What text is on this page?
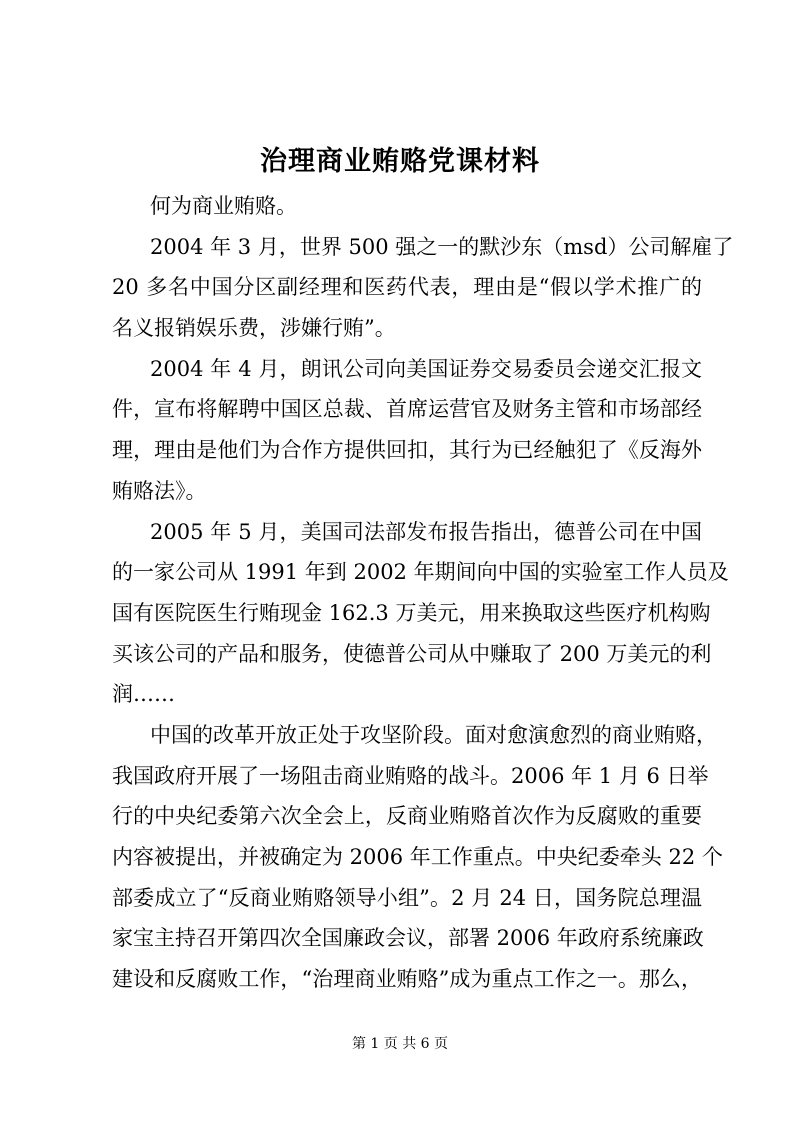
治理商业贿赂党课材料
何为商业贿赂。
2004 年 3 月，世界 500 强之一的默沙东（msd）公司解雇了
20 多名中国分区副经理和医药代表，理由是“假以学术推广的
名义报销娱乐费，涉嫌行贿”。
2004 年 4 月，朗讯公司向美国证券交易委员会递交汇报文
件，宣布将解聘中国区总裁、首席运营官及财务主管和市场部经
理，理由是他们为合作方提供回扣，其行为已经触犯了《反海外
贿赂法》。
2005 年 5 月，美国司法部发布报告指出，德普公司在中国
的一家公司从 1991 年到 2002 年期间向中国的实验室工作人员及
国有医院医生行贿现金 162.3 万美元，用来换取这些医疗机构购
买该公司的产品和服务，使德普公司从中赚取了 200 万美元的利
润……
中国的改革开放正处于攻坚阶段。面对愈演愈烈的商业贿赂，
我国政府开展了一场阻击商业贿赂的战斗。2006 年 1 月 6 日举
行的中央纪委第六次全会上，反商业贿赂首次作为反腐败的重要
内容被提出，并被确定为 2006 年工作重点。中央纪委牵头 22 个
部委成立了“反商业贿赂领导小组”。2 月 24 日，国务院总理温
家宝主持召开第四次全国廉政会议，部署 2006 年政府系统廉政
建设和反腐败工作，“治理商业贿赂”成为重点工作之一。那么，
第 1 页 共 6 页
